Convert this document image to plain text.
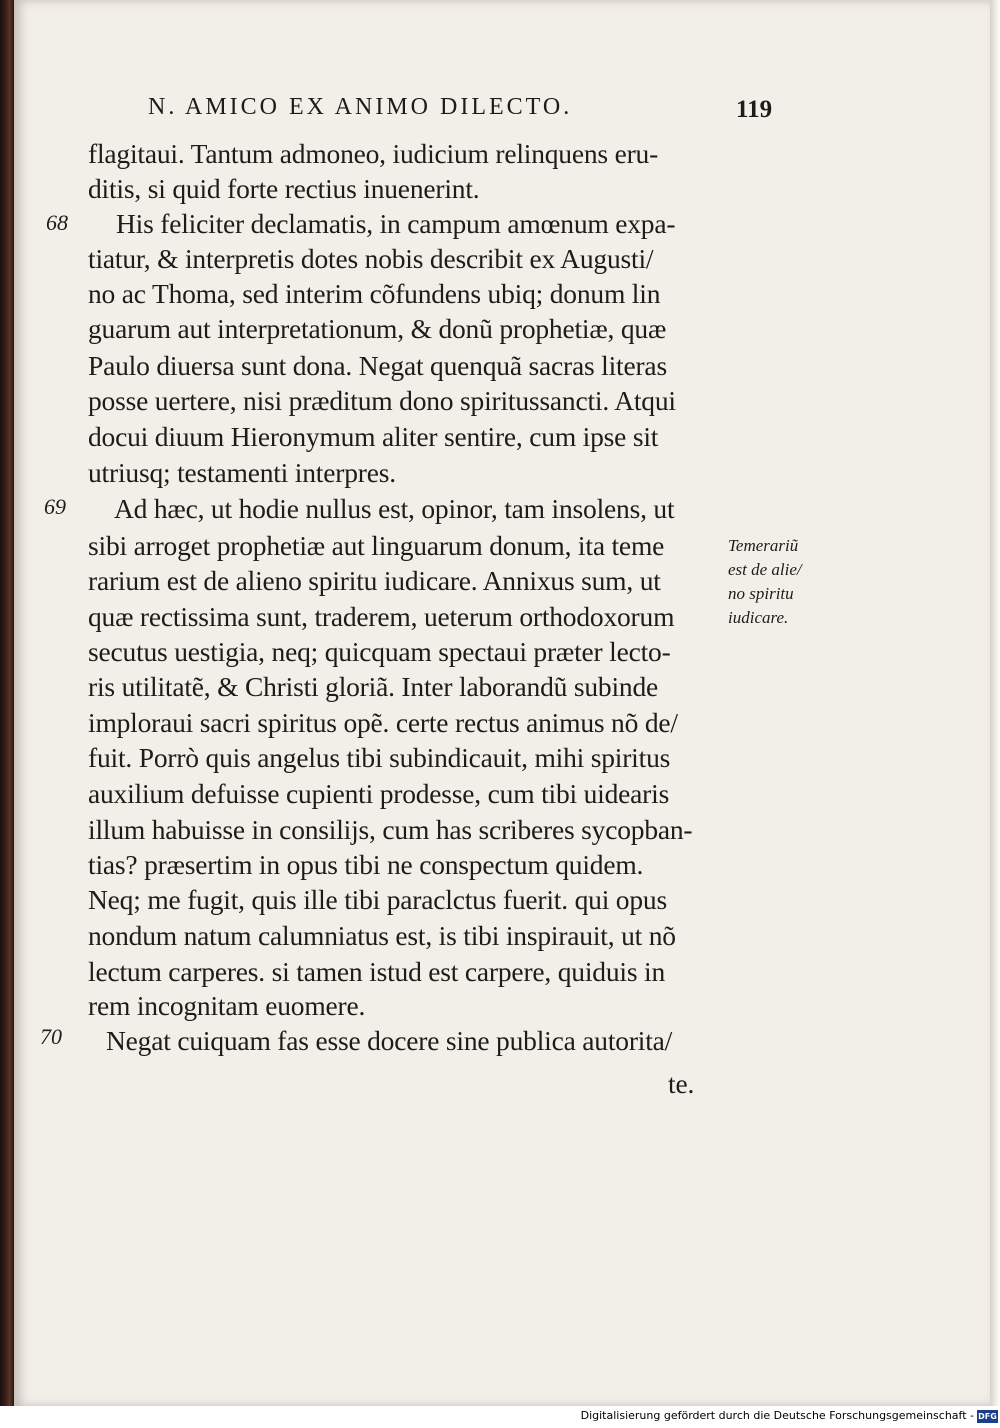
N. AMICO EX ANIMO DILECTO.	119
68
69
70
flagitaui. Tantum admoneo, iudicium relinquens eru-
ditis, si quid forte rectius inuenerint.
His feliciter declamatis, in campum amœnum expa-
tiatur, & interpretis dotes nobis describit ex Augusti/
no ac Thoma, sed interim cõfundens ubiq; donum lin
guarum aut interpretationum, & donũ prophetiæ, quæ
Paulo diuersa sunt dona. Negat quenquã sacras literas
posse uertere, nisi præditum dono spiritussancti. Atqui
docui diuum Hieronymum aliter sentire, cum ipse sit
utriusq; testamenti interpres.
Ad hæc, ut hodie nullus est, opinor, tam insolens, ut
sibi arroget prophetiæ aut linguarum donum, ita teme
rarium est de alieno spiritu iudicare. Annixus sum, ut
quæ rectissima sunt, traderem, ueterum orthodoxorum
secutus uestigia, neq; quicquam spectaui præter lecto-
ris utilitatẽ, & Christi gloriã. Inter laborandũ subinde
imploraui sacri spiritus opẽ. certe rectus animus nõ de/
fuit. Porrò quis angelus tibi subindicauit, mihi spiritus
auxilium defuisse cupienti prodesse, cum tibi uidearis
illum habuisse in consilijs, cum has scriberes sycopban-
tias? præsertim in opus tibi ne conspectum quidem.
Neq; me fugit, quis ille tibi paraclctus fuerit. qui opus
nondum natum calumniatus est, is tibi inspirauit, ut nõ
lectum carperes. si tamen istud est carpere, quiduis in
rem incognitam euomere.
Negat cuiquam fas esse docere sine publica autorita/
te.
Temerariũ
est de alie/
no spiritu
iudicare.
Digitalisierung gefördert durch die Deutsche Forschungsgemeinschaft - DFG
